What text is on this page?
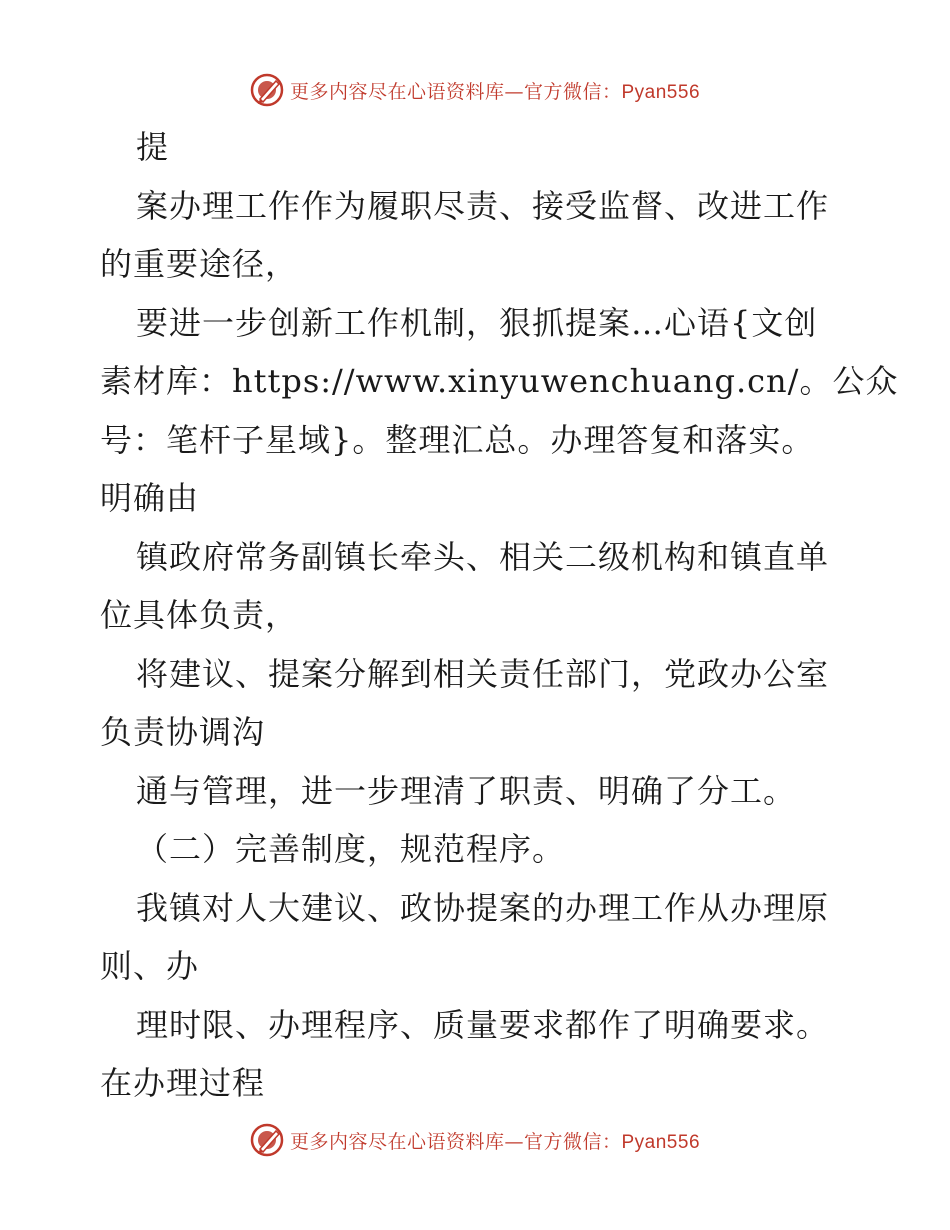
更多内容尽在心语资料库—官方微信：Pyan556
提
案办理工作作为履职尽责、接受监督、改进工作
的重要途径，
要进一步创新工作机制，狠抓提案…心语{文创
素材库：https://www.xinyuwenchuang.cn/。公众
号：笔杆子星域}。整理汇总。办理答复和落实。
明确由
镇政府常务副镇长牵头、相关二级机构和镇直单
位具体负责，
将建议、提案分解到相关责任部门，党政办公室
负责协调沟
通与管理，进一步理清了职责、明确了分工。
（二）完善制度，规范程序。
我镇对人大建议、政协提案的办理工作从办理原
则、办
理时限、办理程序、质量要求都作了明确要求。
在办理过程
更多内容尽在心语资料库—官方微信：Pyan556
